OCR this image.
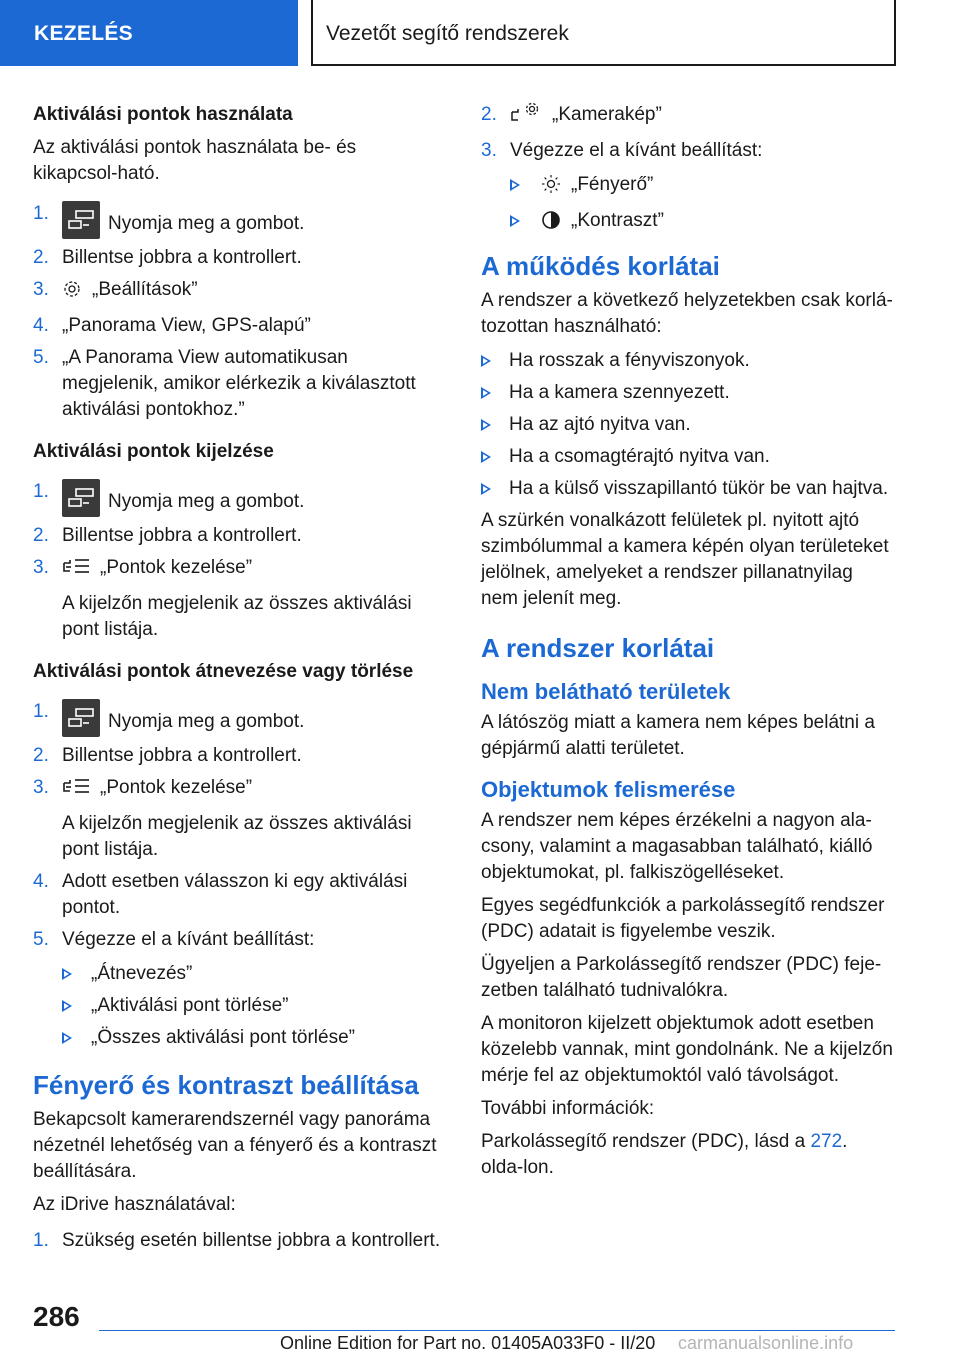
KEZELÉS	Vezetőt segítő rendszerek
Aktiválási pontok használata

Az aktiválási pontok használata be- és kikapcsol-ható.

1.	Nyomja meg a gombot.
2. Billentse jobbra a kontrollert.
3. „Beállítások”
4. „Panorama View, GPS-alapú”
5. „A Panorama View automatikusan megjelenik, amikor elérkezik a kiválasztott aktiválási pontokhoz.”
Aktiválási pontok kijelzése
1.	Nyomja meg a gombot.
2. Billentse jobbra a kontrollert.
3.	„Pontok kezelése”
A kijelzőn megjelenik az összes aktiválási pont listája.
Aktiválási pontok átnevezése vagy törlése
1.	Nyomja meg a gombot.
2. Billentse jobbra a kontrollert.
3.	„Pontok kezelése”
A kijelzőn megjelenik az összes aktiválási pont listája.
4. Adott esetben válasszon ki egy aktiválási pontot.
5. Végezze el a kívánt beállítást:
„Átnevezés”
„Aktiválási pont törlése”
„Összes aktiválási pont törlése”
Fényerő és kontraszt beállítása

Bekapcsolt kamerarendszernél vagy panoráma nézetnél lehetőség van a fényerő és a kontraszt beállítására.

Az iDrive használatával:

1. Szükség esetén billentse jobbra a kontrollert.
2.	„Kamerakép”
3. Végezze el a kívánt beállítást:
„Fényerő”
„Kontraszt”
A működés korlátai

A rendszer a következő helyzetekben csak korlá-tozottan használható:

Ha rosszak a fényviszonyok.
Ha a kamera szennyezett.
Ha az ajtó nyitva van.
Ha a csomagtérajtó nyitva van.
Ha a külső visszapillantó tükör be van hajtva.

A szürkén vonalkázott felületek pl. nyitott ajtó szimbólummal a kamera képén olyan területeket jelölnek, amelyeket a rendszer pillanatnyilag nem jelenít meg.

A rendszer korlátai
Nem belátható területek

A látószög miatt a kamera nem képes belátni a gépjármű alatti területet.

Objektumok felismerése

A rendszer nem képes érzékelni a nagyon ala-csony, valamint a magasabban található, kiálló objektumokat, pl. falkiszögelléseket.

Egyes segédfunkciók a parkolássegítő rendszer (PDC) adatait is figyelembe veszik.

Ügyeljen a Parkolássegítő rendszer (PDC) feje-zetben található tudnivalókra.

A monitoron kijelzett objektumok adott esetben közelebb vannak, mint gondolnánk. Ne a kijelzőn mérje fel az objektumoktól való távolságot.

További információk:

Parkolássegítő rendszer (PDC), lásd a 272. olda-lon.

286
Online Edition for Part no. 01405A033F0 - II/20 carmanualsonline.info
